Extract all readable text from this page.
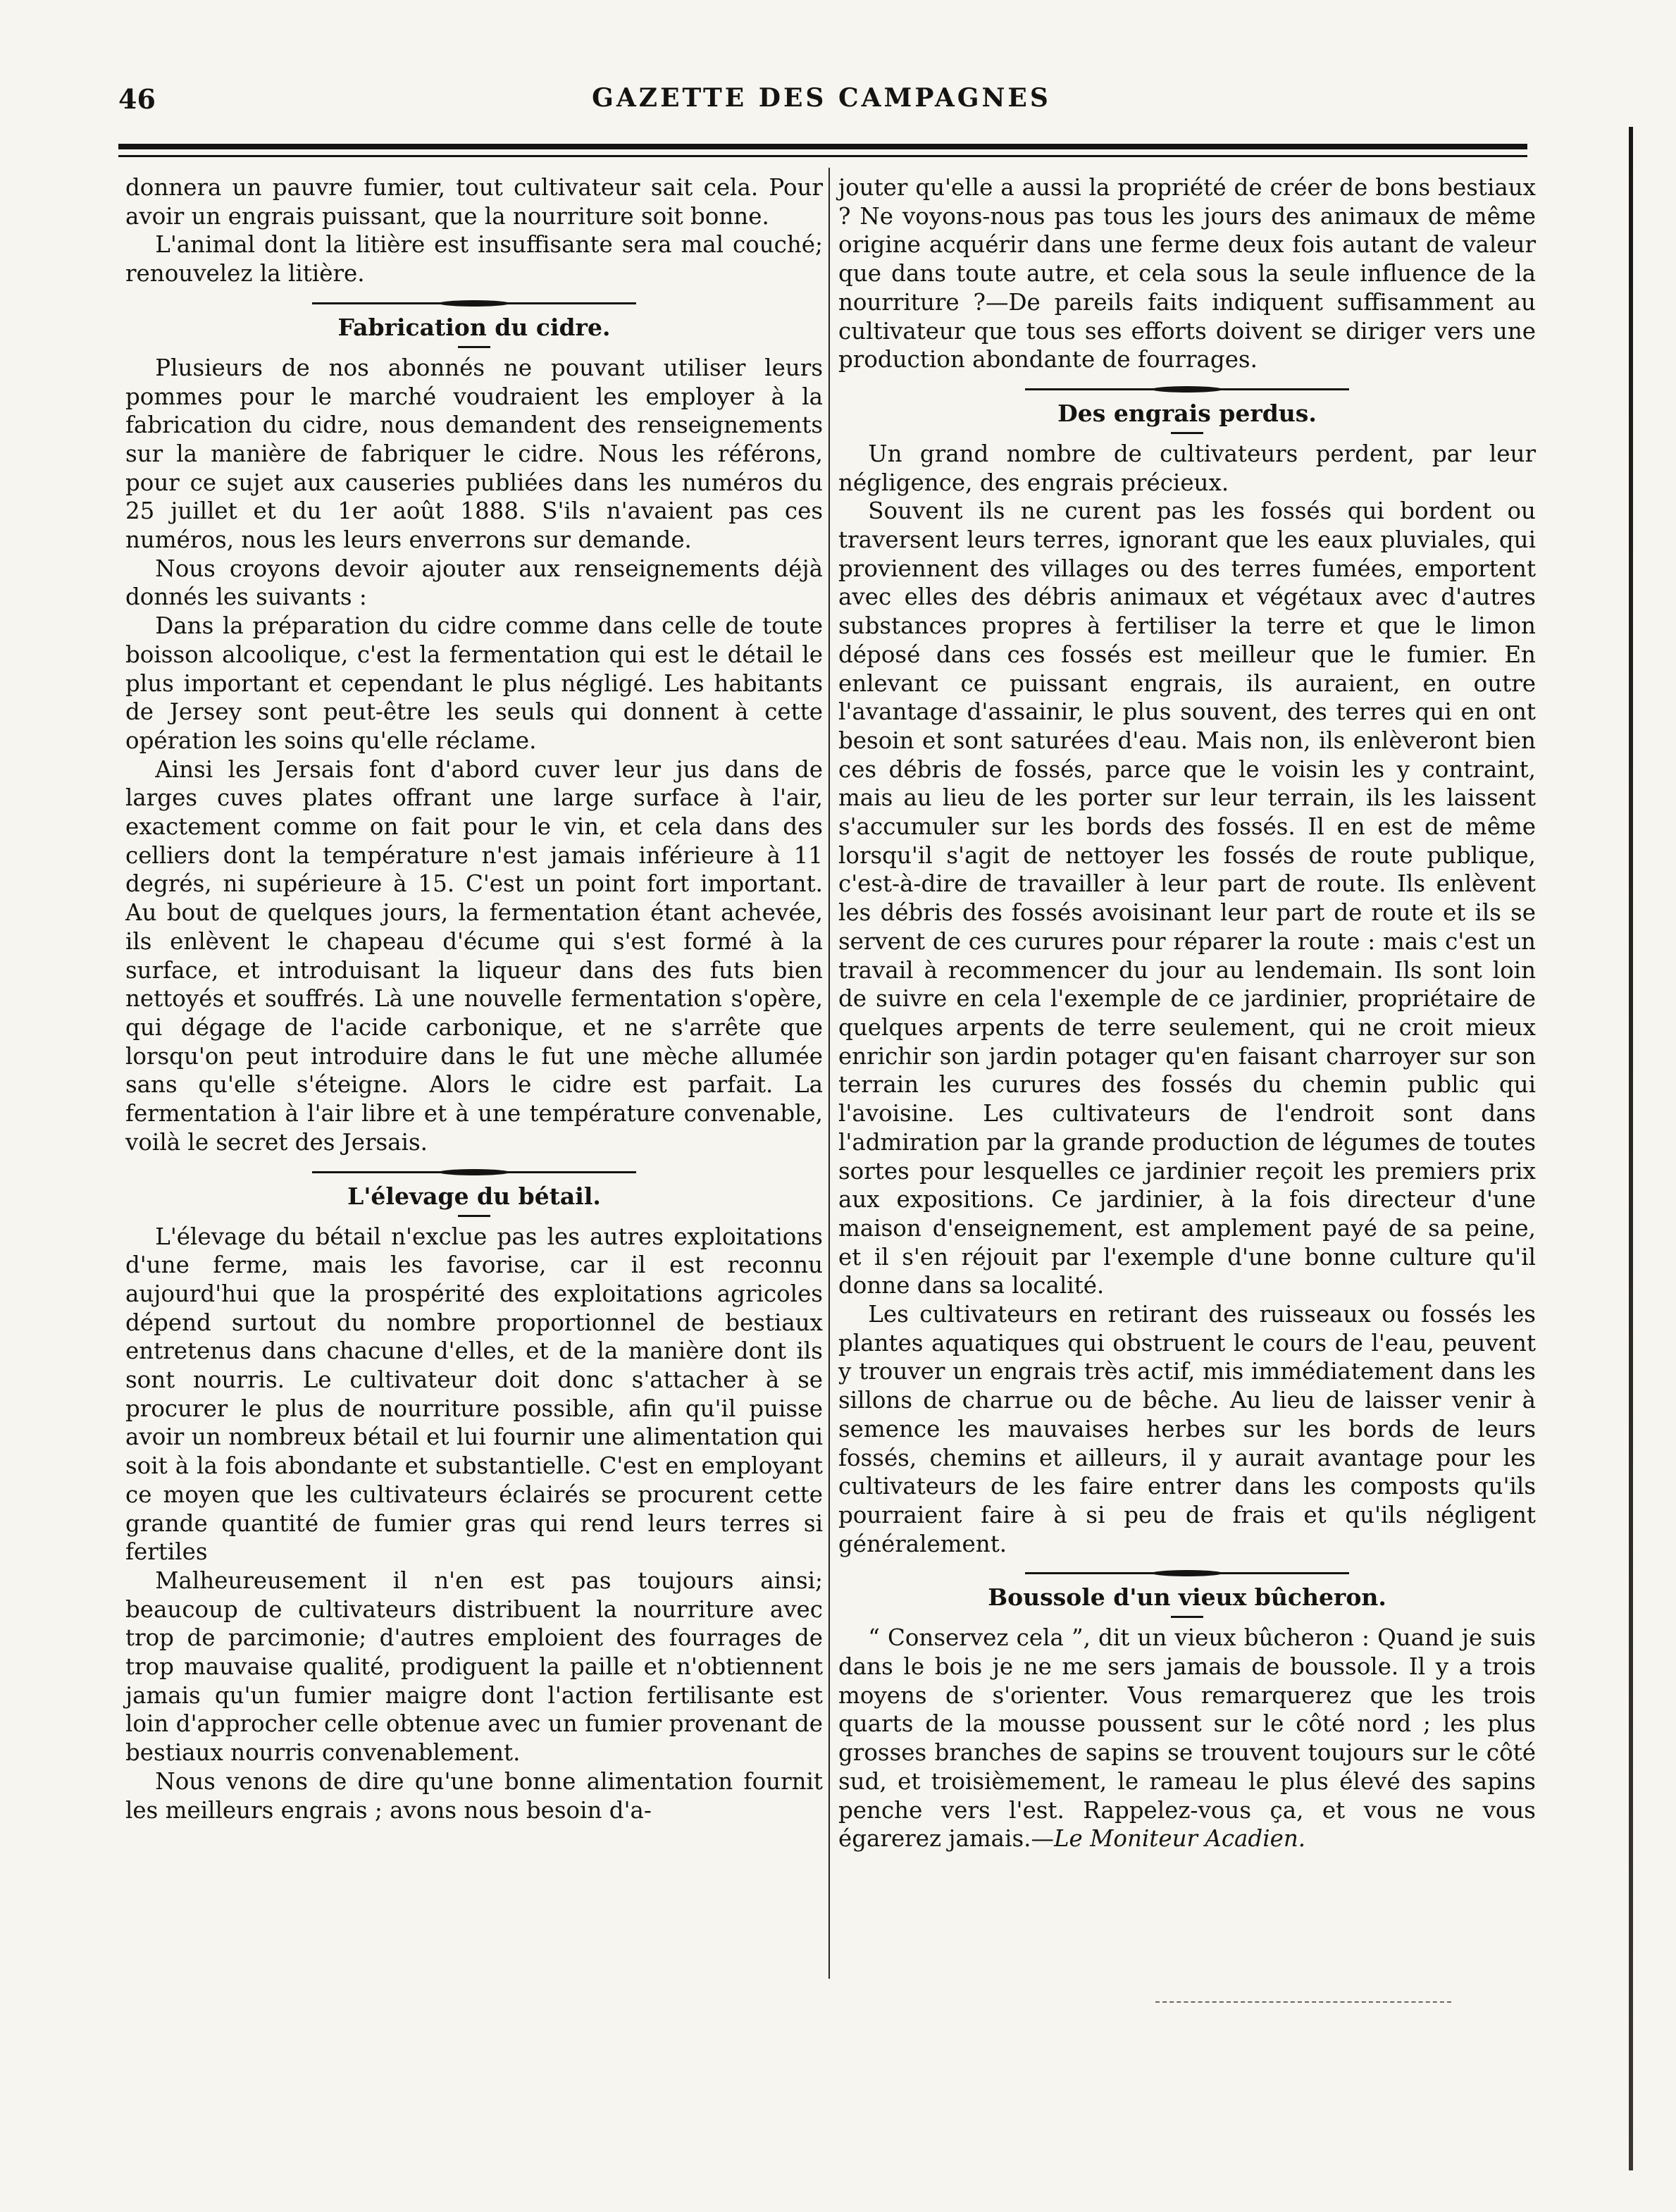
46	GAZETTE DES CAMPAGNES

donnera un pauvre fumier, tout cultivateur sait cela. Pour avoir un engrais puissant, que la nourriture soit bonne.

L'animal dont la litière est insuffisante sera mal couché; renouvelez la litière.

Fabrication du cidre.

Plusieurs de nos abonnés ne pouvant utiliser leurs pommes pour le marché voudraient les employer à la fabrication du cidre, nous demandent des renseignements sur la manière de fabriquer le cidre. Nous les référons, pour ce sujet aux causeries publiées dans les numéros du 25 juillet et du 1er août 1888. S'ils n'avaient pas ces numéros, nous les leurs enverrons sur demande.

Nous croyons devoir ajouter aux renseignements déjà donnés les suivants :

Dans la préparation du cidre comme dans celle de toute boisson alcoolique, c'est la fermentation qui est le détail le plus important et cependant le plus négligé. Les habitants de Jersey sont peut-être les seuls qui donnent à cette opération les soins qu'elle réclame.

Ainsi les Jersais font d'abord cuver leur jus dans de larges cuves plates offrant une large surface à l'air, exactement comme on fait pour le vin, et cela dans des celliers dont la température n'est jamais inférieure à 11 degrés, ni supérieure à 15. C'est un point fort important. Au bout de quelques jours, la fermentation étant achevée, ils enlèvent le chapeau d'écume qui s'est formé à la surface, et introduisant la liqueur dans des futs bien nettoyés et souffrés. Là une nouvelle fermentation s'opère, qui dégage de l'acide carbonique, et ne s'arrête que lorsqu'on peut introduire dans le fut une mèche allumée sans qu'elle s'éteigne. Alors le cidre est parfait. La fermentation à l'air libre et à une température convenable, voilà le secret des Jersais.

L'élevage du bétail.

L'élevage du bétail n'exclue pas les autres exploitations d'une ferme, mais les favorise, car il est reconnu aujourd'hui que la prospérité des exploitations agricoles dépend surtout du nombre proportionnel de bestiaux entretenus dans chacune d'elles, et de la manière dont ils sont nourris. Le cultivateur doit donc s'attacher à se procurer le plus de nourriture possible, afin qu'il puisse avoir un nombreux bétail et lui fournir une alimentation qui soit à la fois abondante et substantielle. C'est en employant ce moyen que les cultivateurs éclairés se procurent cette grande quantité de fumier gras qui rend leurs terres si fertiles

Malheureusement il n'en est pas toujours ainsi; beaucoup de cultivateurs distribuent la nourriture avec trop de parcimonie; d'autres emploient des fourrages de trop mauvaise qualité, prodiguent la paille et n'obtiennent jamais qu'un fumier maigre dont l'action fertilisante est loin d'approcher celle obtenue avec un fumier provenant de bestiaux nourris convenablement.

Nous venons de dire qu'une bonne alimentation fournit les meilleurs engrais ; avons nous besoin d'a-

jouter qu'elle a aussi la propriété de créer de bons bestiaux ? Ne voyons-nous pas tous les jours des animaux de même origine acquérir dans une ferme deux fois autant de valeur que dans toute autre, et cela sous la seule influence de la nourriture ?—De pareils faits indiquent suffisamment au cultivateur que tous ses efforts doivent se diriger vers une production abondante de fourrages.

Des engrais perdus.

Un grand nombre de cultivateurs perdent, par leur négligence, des engrais précieux.

Souvent ils ne curent pas les fossés qui bordent ou traversent leurs terres, ignorant que les eaux pluviales, qui proviennent des villages ou des terres fumées, emportent avec elles des débris animaux et végétaux avec d'autres substances propres à fertiliser la terre et que le limon déposé dans ces fossés est meilleur que le fumier. En enlevant ce puissant engrais, ils auraient, en outre l'avantage d'assainir, le plus souvent, des terres qui en ont besoin et sont saturées d'eau. Mais non, ils enlèveront bien ces débris de fossés, parce que le voisin les y contraint, mais au lieu de les porter sur leur terrain, ils les laissent s'accumuler sur les bords des fossés. Il en est de même lorsqu'il s'agit de nettoyer les fossés de route publique, c'est-à-dire de travailler à leur part de route. Ils enlèvent les débris des fossés avoisinant leur part de route et ils se servent de ces curures pour réparer la route : mais c'est un travail à recommencer du jour au lendemain. Ils sont loin de suivre en cela l'exemple de ce jardinier, propriétaire de quelques arpents de terre seulement, qui ne croit mieux enrichir son jardin potager qu'en faisant charroyer sur son terrain les curures des fossés du chemin public qui l'avoisine. Les cultivateurs de l'endroit sont dans l'admiration par la grande production de légumes de toutes sortes pour lesquelles ce jardinier reçoit les premiers prix aux expositions. Ce jardinier, à la fois directeur d'une maison d'enseignement, est amplement payé de sa peine, et il s'en réjouit par l'exemple d'une bonne culture qu'il donne dans sa localité.

Les cultivateurs en retirant des ruisseaux ou fossés les plantes aquatiques qui obstruent le cours de l'eau, peuvent y trouver un engrais très actif, mis immédiatement dans les sillons de charrue ou de bêche. Au lieu de laisser venir à semence les mauvaises herbes sur les bords de leurs fossés, chemins et ailleurs, il y aurait avantage pour les cultivateurs de les faire entrer dans les composts qu'ils pourraient faire à si peu de frais et qu'ils négligent généralement.

Boussole d'un vieux bûcheron.

“ Conservez cela ”, dit un vieux bûcheron : Quand je suis dans le bois je ne me sers jamais de boussole. Il y a trois moyens de s'orienter. Vous remarquerez que les trois quarts de la mousse poussent sur le côté nord ; les plus grosses branches de sapins se trouvent toujours sur le côté sud, et troisièmement, le rameau le plus élevé des sapins penche vers l'est. Rappelez-vous ça, et vous ne vous égarerez jamais.—Le Moniteur Acadien.
